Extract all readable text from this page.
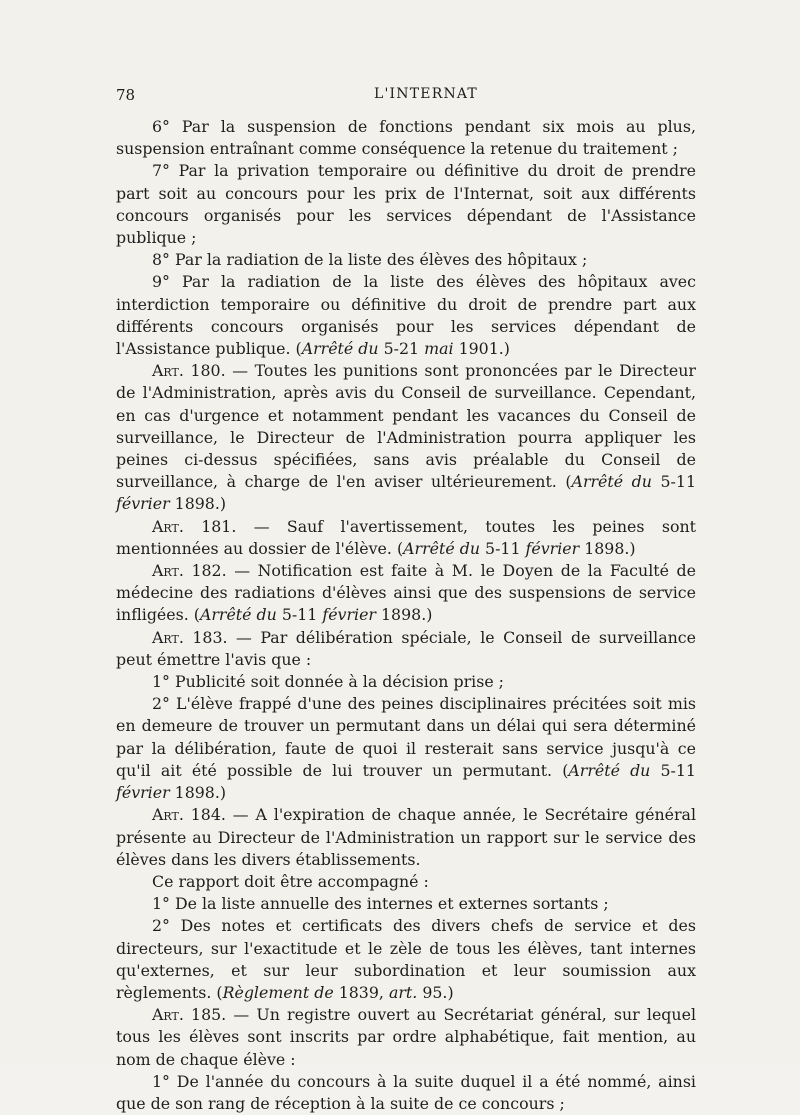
78	L'INTERNAT

6° Par la suspension de fonctions pendant six mois au plus, suspension entraînant comme conséquence la retenue du traitement ;

7° Par la privation temporaire ou définitive du droit de prendre part soit au concours pour les prix de l'Internat, soit aux différents concours organisés pour les services dépendant de l'Assistance publique ;

8° Par la radiation de la liste des élèves des hôpitaux ;

9° Par la radiation de la liste des élèves des hôpitaux avec interdiction temporaire ou définitive du droit de prendre part aux différents concours organisés pour les services dépendant de l'Assistance publique. (Arrêté du 5-21 mai 1901.)

Art. 180. — Toutes les punitions sont prononcées par le Directeur de l'Administration, après avis du Conseil de surveillance. Cependant, en cas d'urgence et notamment pendant les vacances du Conseil de surveillance, le Directeur de l'Administration pourra appliquer les peines ci-dessus spécifiées, sans avis préalable du Conseil de surveillance, à charge de l'en aviser ultérieurement. (Arrêté du 5-11 février 1898.)

Art. 181. — Sauf l'avertissement, toutes les peines sont mentionnées au dossier de l'élève. (Arrêté du 5-11 février 1898.)

Art. 182. — Notification est faite à M. le Doyen de la Faculté de médecine des radiations d'élèves ainsi que des suspensions de service infligées. (Arrêté du 5-11 février 1898.)

Art. 183. — Par délibération spéciale, le Conseil de surveillance peut émettre l'avis que :

1° Publicité soit donnée à la décision prise ;

2° L'élève frappé d'une des peines disciplinaires précitées soit mis en demeure de trouver un permutant dans un délai qui sera déterminé par la délibération, faute de quoi il resterait sans service jusqu'à ce qu'il ait été possible de lui trouver un permutant. (Arrêté du 5-11 février 1898.)

Art. 184. — A l'expiration de chaque année, le Secrétaire général présente au Directeur de l'Administration un rapport sur le service des élèves dans les divers établissements.

Ce rapport doit être accompagné :

1° De la liste annuelle des internes et externes sortants ;

2° Des notes et certificats des divers chefs de service et des directeurs, sur l'exactitude et le zèle de tous les élèves, tant internes qu'externes, et sur leur subordination et leur soumission aux règlements. (Règlement de 1839, art. 95.)

Art. 185. — Un registre ouvert au Secrétariat général, sur lequel tous les élèves sont inscrits par ordre alphabétique, fait mention, au nom de chaque élève :

1° De l'année du concours à la suite duquel il a été nommé, ainsi que de son rang de réception à la suite de ce concours ;
